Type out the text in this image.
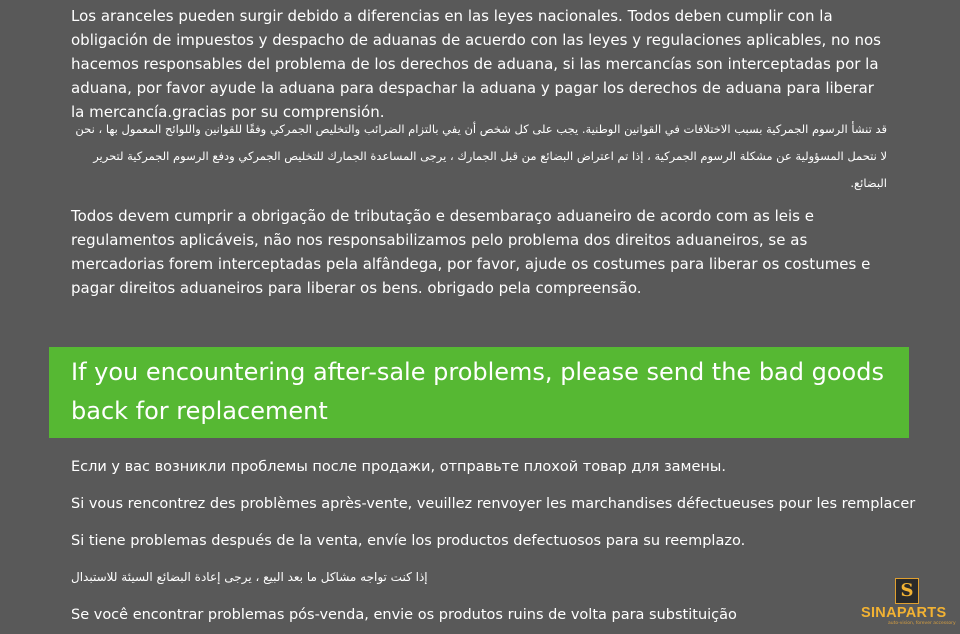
Los aranceles pueden surgir debido a diferencias en las leyes nacionales. Todos deben cumplir con la obligación de impuestos y despacho de aduanas de acuerdo con las leyes y regulaciones aplicables, no nos hacemos responsables del problema de los derechos de aduana, si las mercancías son interceptadas por la aduana, por favor ayude la aduana para despachar la aduana y pagar los derechos de aduana para liberar la mercancía.gracias por su comprensión.

قد تنشأ الرسوم الجمركية بسبب الاختلافات في القوانين الوطنية. يجب على كل شخص أن يفي بالتزام الضرائب والتخليص الجمركي وفقًا للقوانين واللوائح المعمول بها ، نحن لا نتحمل المسؤولية عن مشكلة الرسوم الجمركية ، إذا تم اعتراض البضائع من قبل الجمارك ، يرجى المساعدة الجمارك للتخليص الجمركي ودفع الرسوم الجمركية لتحرير البضائع.

Todos devem cumprir a obrigação de tributação e desembaraço aduaneiro de acordo com as leis e regulamentos aplicáveis, não nos responsabilizamos pelo problema dos direitos aduaneiros, se as mercadorias forem interceptadas pela alfândega, por favor, ajude os costumes para liberar os costumes e pagar direitos aduaneiros para liberar os bens. obrigado pela compreensão.

If you encountering after-sale problems, please send the bad goods back for replacement

Если у вас возникли проблемы после продажи, отправьте плохой товар для замены.

Si vous rencontrez des problèmes après-vente, veuillez renvoyer les marchandises défectueuses pour les remplacer

Si tiene problemas después de la venta, envíe los productos defectuosos para su reemplazo.

إذا كنت تواجه مشاكل ما بعد البيع ، يرجى إعادة البضائع السيئة للاستبدال

Se você encontrar problemas pós-venda, envie os produtos ruins de volta para substituição

S
SINAPARTS
auto-vision, forever accessory
